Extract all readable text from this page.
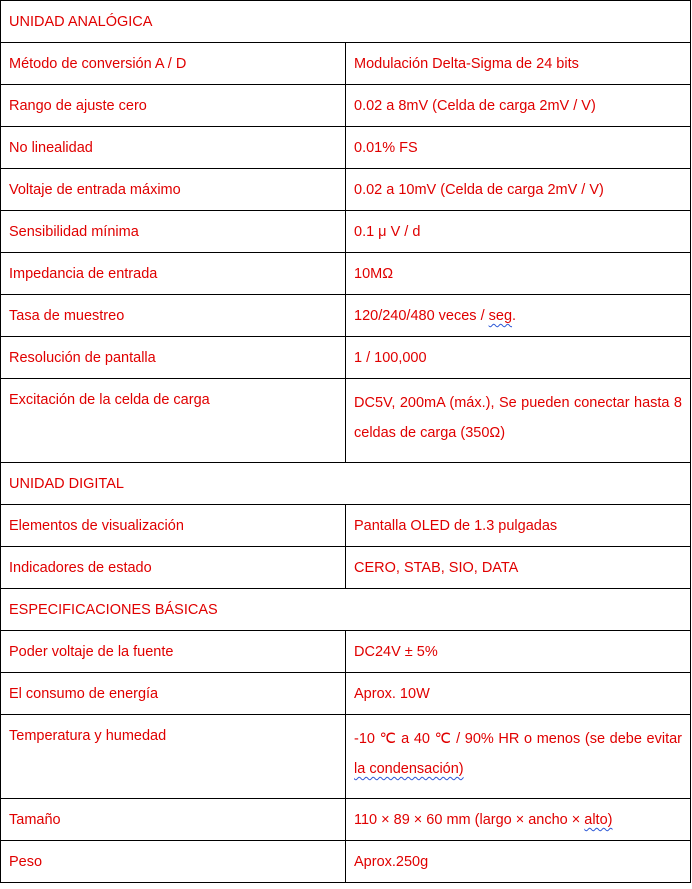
UNIDAD ANALÓGICA	
Método de conversión A / D	Modulación Delta-Sigma de 24 bits
Rango de ajuste cero	0.02 a 8mV (Celda de carga 2mV / V)
No linealidad	0.01% FS
Voltaje de entrada máximo	0.02 a 10mV (Celda de carga 2mV / V)
Sensibilidad mínima	0.1 μ V / d
Impedancia de entrada	10MΩ
Tasa de muestreo	120/240/480 veces / seg.
Resolución de pantalla	1 / 100,000
Excitación de la celda de carga	DC5V, 200mA (máx.), Se pueden conectar hasta 8 celdas de carga (350Ω)
UNIDAD DIGITAL	
Elementos de visualización	Pantalla OLED de 1.3 pulgadas
Indicadores de estado	CERO, STAB, SIO, DATA
ESPECIFICACIONES BÁSICAS	
Poder voltaje de la fuente	DC24V ± 5%
El consumo de energía	Aprox. 10W
Temperatura y humedad	-10 ℃ a 40 ℃ / 90% HR o menos (se debe evitar la condensación)
Tamaño	110 × 89 × 60 mm (largo × ancho × alto)
Peso	Aprox.250g
